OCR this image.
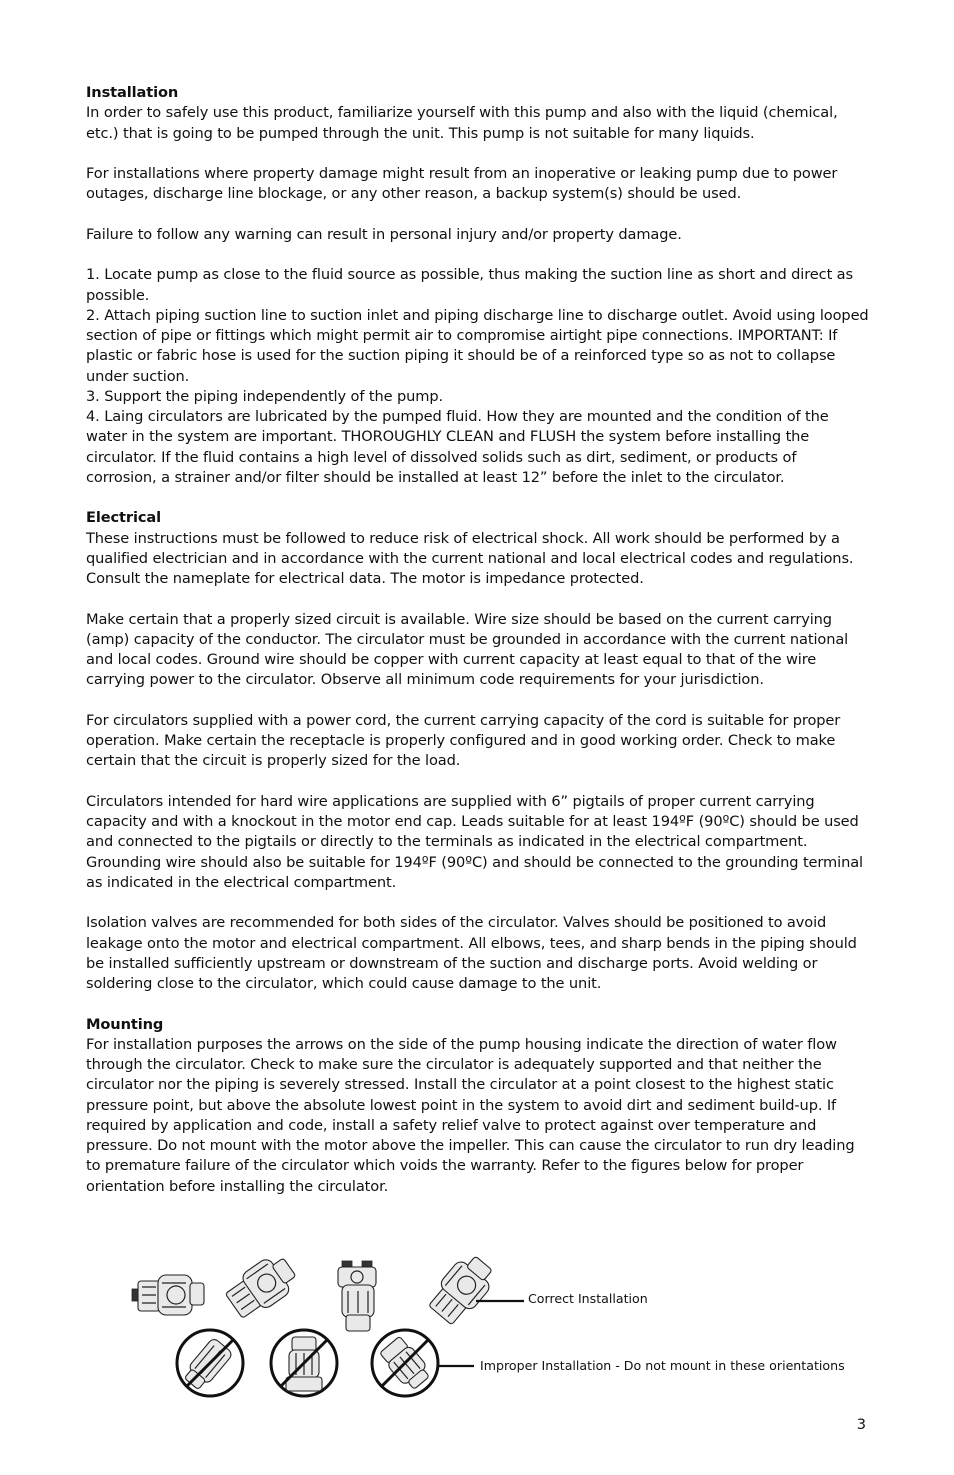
Installation

In order to safely use this product, familiarize yourself with this pump and also with the liquid (chemical, etc.) that is going to be pumped through the unit. This pump is not suitable for many liquids.

For installations where property damage might result from an inoperative or leaking pump due to power outages, discharge line blockage, or any other reason, a backup system(s) should be used.

Failure to follow any warning can result in personal injury and/or property damage.

1. Locate pump as close to the fluid source as possible, thus making the suction line as short and direct as possible.

2. Attach piping suction line to suction inlet and piping discharge line to discharge outlet. Avoid using looped section of pipe or fittings which might permit air to compromise airtight pipe connections. IMPORTANT: If plastic or fabric hose is used for the suction piping it should be of a reinforced type so as not to collapse under suction.

3. Support the piping independently of the pump.

4. Laing circulators are lubricated by the pumped fluid. How they are mounted and the condition of the water in the system are important. THOROUGHLY CLEAN and FLUSH the system before installing the circulator. If the fluid contains a high level of dissolved solids such as dirt, sediment, or products of corrosion, a strainer and/or filter should be installed at least 12” before the inlet to the circulator.

Electrical

These instructions must be followed to reduce risk of electrical shock. All work should be performed by a qualified electrician and in accordance with the current national and local electrical codes and regulations. Consult the nameplate for electrical data. The motor is impedance protected.

Make certain that a properly sized circuit is available. Wire size should be based on the current carrying (amp) capacity of the conductor. The circulator must be grounded in accordance with the current national and local codes. Ground wire should be copper with current capacity at least equal to that of the wire carrying power to the circulator. Observe all minimum code requirements for your jurisdiction.

For circulators supplied with a power cord, the current carrying capacity of the cord is suitable for proper operation. Make certain the receptacle is properly configured and in good working order. Check to make certain that the circuit is properly sized for the load.

Circulators intended for hard wire applications are supplied with 6” pigtails of proper current carrying capacity and with a knockout in the motor end cap. Leads suitable for at least 194ºF (90ºC) should be used and connected to the pigtails or directly to the terminals as indicated in the electrical compartment. Grounding wire should also be suitable for 194ºF (90ºC) and should be connected to the grounding terminal as indicated in the electrical compartment.

Isolation valves are recommended for both sides of the circulator. Valves should be positioned to avoid leakage onto the motor and electrical compartment. All elbows, tees, and sharp bends in the piping should be installed sufficiently upstream or downstream of the suction and discharge ports. Avoid welding or soldering close to the circulator, which could cause damage to the unit.

Mounting

For installation purposes the arrows on the side of the pump housing indicate the direction of water flow through the circulator. Check to make sure the circulator is adequately supported and that neither the circulator nor the piping is severely stressed. Install the circulator at a point closest to the highest static pressure point, but above the absolute lowest point in the system to avoid dirt and sediment build-up. If required by application and code, install a safety relief valve to protect against over temperature and pressure. Do not mount with the motor above the impeller. This can cause the circulator to run dry leading to premature failure of the circulator which voids the warranty. Refer to the figures below for proper orientation before installing the circulator.

Correct Installation
Improper Installation - Do not mount in these orientations
3
